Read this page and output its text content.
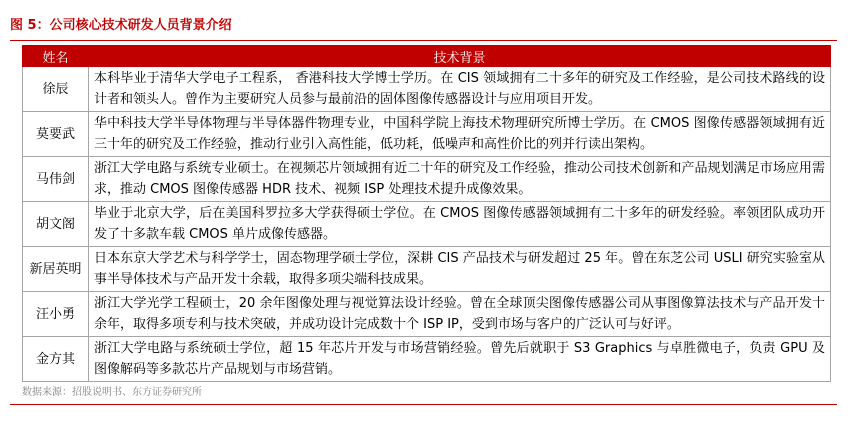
图 5：公司核心技术研发人员背景介绍
姓名	技术背景
徐辰	本科毕业于清华大学电子工程系， 香港科技大学博士学历。在 CIS 领域拥有二十多年的研究及工作经验，是公司技术路线的设计者和领头人。曾作为主要研究人员参与最前沿的固体图像传感器设计与应用项目开发。
莫要武	华中科技大学半导体物理与半导体器件物理专业，中国科学院上海技术物理研究所博士学历。在 CMOS 图像传感器领域拥有近三十年的研究及工作经验，推动行业引入高性能，低功耗，低噪声和高性价比的列并行读出架构。
马伟剑	浙江大学电路与系统专业硕士。在视频芯片领域拥有近二十年的研究及工作经验，推动公司技术创新和产品规划满足市场应用需求，推动 CMOS 图像传感器 HDR 技术、视频 ISP 处理技术提升成像效果。
胡文阁	毕业于北京大学，后在美国科罗拉多大学获得硕士学位。在 CMOS 图像传感器领域拥有二十多年的研发经验。率领团队成功开发了十多款车载 CMOS 单片成像传感器。
新居英明	日本东京大学艺术与科学学士，固态物理学硕士学位，深耕 CIS 产品技术与研发超过 25 年。曾在东芝公司 USLI 研究实验室从事半导体技术与产品开发十余载，取得多项尖端科技成果。
汪小勇	浙江大学光学工程硕士，20 余年图像处理与视觉算法设计经验。曾在全球顶尖图像传感器公司从事图像算法技术与产品开发十余年，取得多项专利与技术突破，并成功设计完成数十个 ISP IP，受到市场与客户的广泛认可与好评。
金方其	浙江大学电路与系统硕士学位，超 15 年芯片开发与市场营销经验。曾先后就职于 S3 Graphics 与卓胜微电子，负责 GPU 及图像解码等多款芯片产品规划与市场营销。
数据来源：招股说明书、东方证券研究所
